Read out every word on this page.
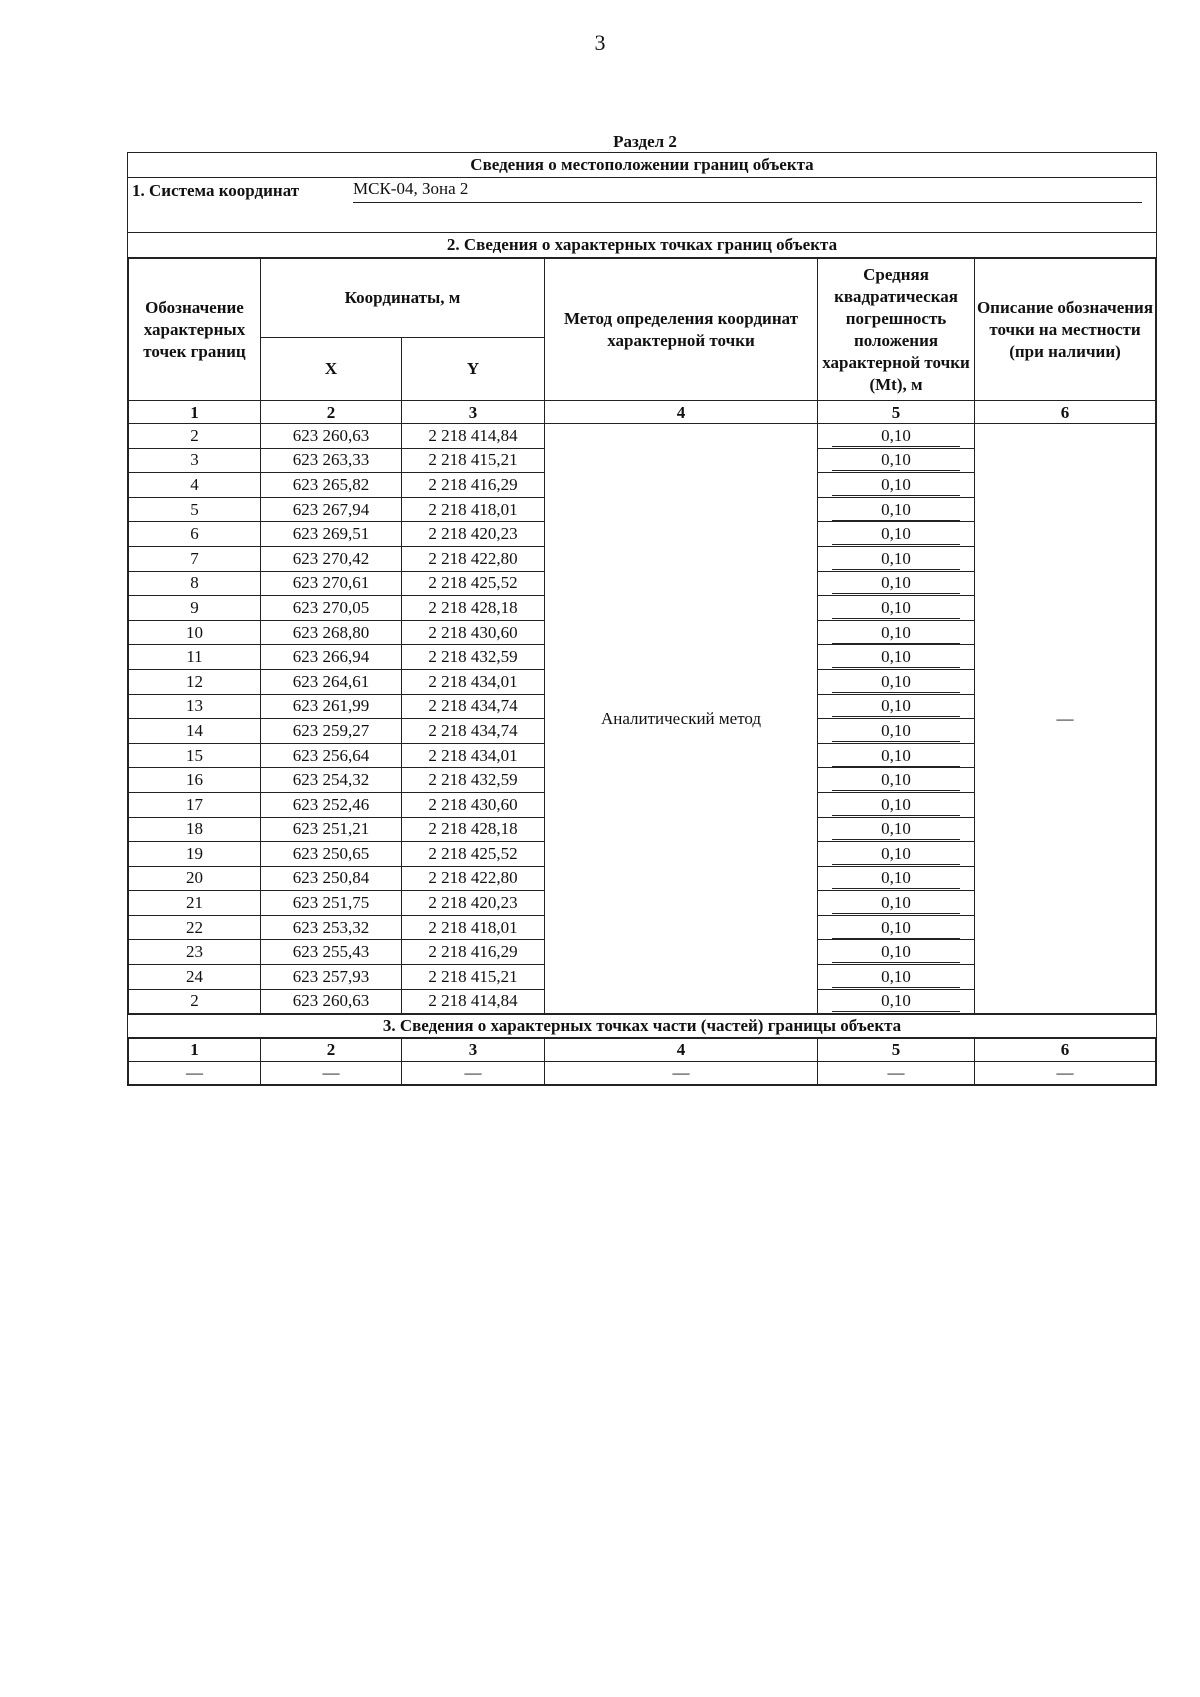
3
Раздел 2
Сведения о местоположении границ объекта
1. Система координат	МСК-04, Зона 2
2. Сведения о характерных точках границ объекта
Обозначение характерных точек границ	Координаты, м		Метод определения координат характерной точки	Средняя квадратическая погрешность положения характерной точки (Mt), м	Описание обозначения точки на местности (при наличии)
	X	Y			
1	2	3	4	5	6
2	623 260,63	2 218 414,84	Аналитический метод	0,10	—
3	623 263,33	2 218 415,21		0,10	

4	623 265,82	2 218 416,29		0,10	

5	623 267,94	2 218 418,01		0,10	

6	623 269,51	2 218 420,23		0,10	

7	623 270,42	2 218 422,80		0,10	

8	623 270,61	2 218 425,52		0,10	

9	623 270,05	2 218 428,18		0,10	

10	623 268,80	2 218 430,60		0,10	

11	623 266,94	2 218 432,59		0,10	

12	623 264,61	2 218 434,01		0,10	

13	623 261,99	2 218 434,74		0,10	

14	623 259,27	2 218 434,74		0,10	

15	623 256,64	2 218 434,01		0,10	

16	623 254,32	2 218 432,59		0,10	

17	623 252,46	2 218 430,60		0,10	

18	623 251,21	2 218 428,18		0,10	

19	623 250,65	2 218 425,52		0,10	

20	623 250,84	2 218 422,80		0,10	

21	623 251,75	2 218 420,23		0,10	

22	623 253,32	2 218 418,01		0,10	

23	623 255,43	2 218 416,29		0,10	

24	623 257,93	2 218 415,21		0,10	

2	623 260,63	2 218 414,84		0,10	
3. Сведения о характерных точках части (частей) границы объекта
1	2	3	4	5	6
—	—	—	—	—	—
